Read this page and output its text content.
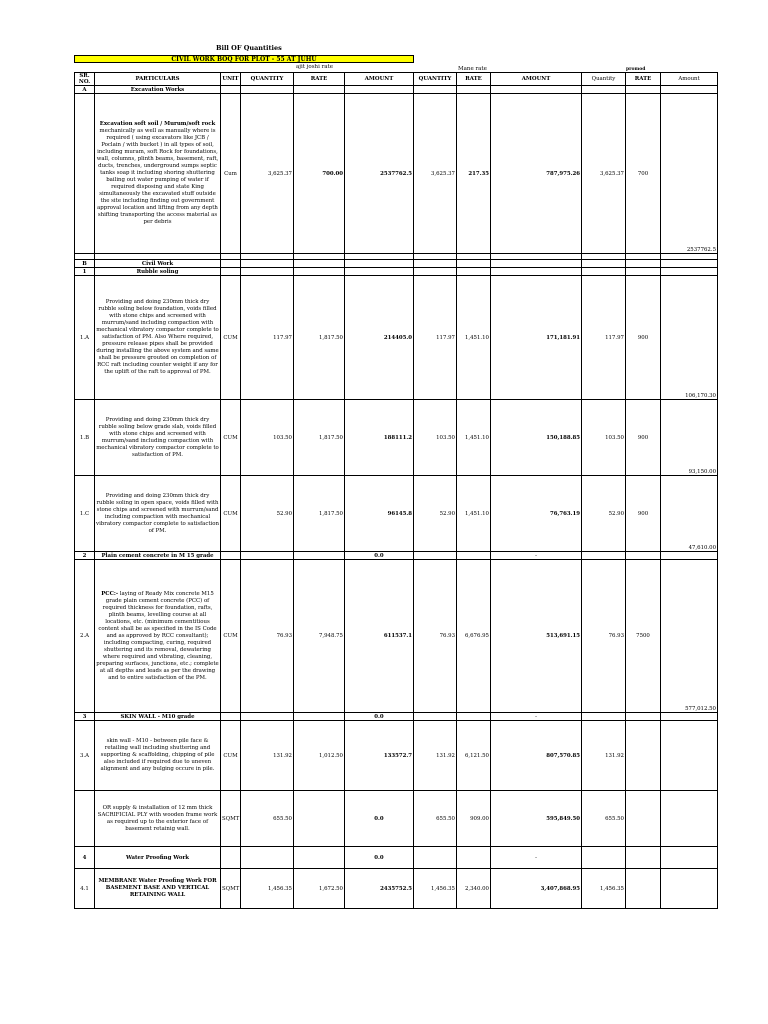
Bill OF Quantities
CIVIL WORK BOQ FOR PLOT - 55 AT JUHU
ajit joshi rate	Mane rate	promod
SR. NO.	PARTICULARS	UNIT	QUANTITY	RATE	AMOUNT	QUANTITY	RATE	AMOUNT	Quantity	RATE	Amount
A	Excavation Works										
	Excavation soft soil / Murum/soft rock
mechanically as well as manually where is required ( using excavators like JCB / Poclain / with bucket ) in all types of soil, including muram, soft Rock for foundations, wall, columns, plinth beams, basement, raft, ducts, trenches, underground sumps septic tanks soap it including shoring shuttering bailing out water pumping of water if required disposing and state King simultaneously the excavated stuff outside the site including finding out government approval location and lifting from any depth shifting transporting the access material as per debris	Cum	3,625.37	700.00	2537762.5	3,625.37	217.35	787,975.26	3,625.37	700	2537762.5

B	Civil Work										
1	Rubble soling										
1.A	Providing and doing 230mm thick dry rubble soling below foundation, voids filled with stone chips and screened with murrum/sand including compaction with mechanical vibratory compactor complete to satisfaction of PM. Also Where required, pressure release pipes shall be provided during installing the above system and same shall be pressure grouted on completion of RCC raft including counter weight if any for the uplift of the raft to approval of PM.	CUM	117.97	1,817.50	214405.0	117.97	1,451.10	171,181.91	117.97	900	106,170.30
1.B	Providing and doing 230mm thick dry rubble soling below grade slab, voids filled with stone chips and screened with murrum/sand including compaction with mechanical vibratory compactor complete to satisfaction of PM.	CUM	103.50	1,817.50	188111.2	103.50	1,451.10	150,188.85	103.50	900	93,150.00
1.C	Providing and doing 230mm thick dry rubble soling in open space, voids filled with stone chips and screened with murrum/sand including compaction with mechanical vibratory compactor complete to satisfaction of PM.	CUM	52.90	1,817.50	96145.8	52.90	1,451.10	76,763.19	52.90	900	47,610.00
2	Plain cement concrete in M 15 grade				0.0			-			
2.A	PCC:- laying of Ready Mix concrete M15 grade plain cement concrete (PCC) of required thickness for foundation, rafts, plinth beams, levelling course at all locations, etc. (minimum cementitious content shall be as specified in the IS Code and as approved by RCC consultant); including compacting, curing, required shuttering and its removal, dewatering where required and vibrating, cleaning, preparing surfaces, junctions, etc.; complete at all depths and leads as per the drawing and to entire satisfaction of the PM.	CUM	76.93	7,948.75	611537.1	76.93	6,676.95	513,691.15	76.93	7500	577,012.50
3	SKIN WALL - M10 grade				0.0			-			
3.A	skin wall - M10 - between pile face & retailing wall including shuttering and supporting & scaffolding, chipping of pile also included if required due to uneven alignment and any bulging occure in pile.	CUM	131.92	1,012.50	133572.7	131.92	6,121.50	807,570.85	131.92		
	OR supply & installation of 12 mm thick SACRIFICIAL PLY with wooden frame work as required up to the exterior face of basement retainig wall.	SQMT	655.50		0.0	655.50	909.00	595,849.50	655.50		
4	Water Proofing Work				0.0			-			
4.1	MEMBRANE Water Proofing Work FOR BASEMENT BASE AND VERTICAL RETAINING WALL	SQMT	1,456.35	1,672.50	2435752.5	1,456.35	2,340.00	3,407,868.95	1,456.35		
